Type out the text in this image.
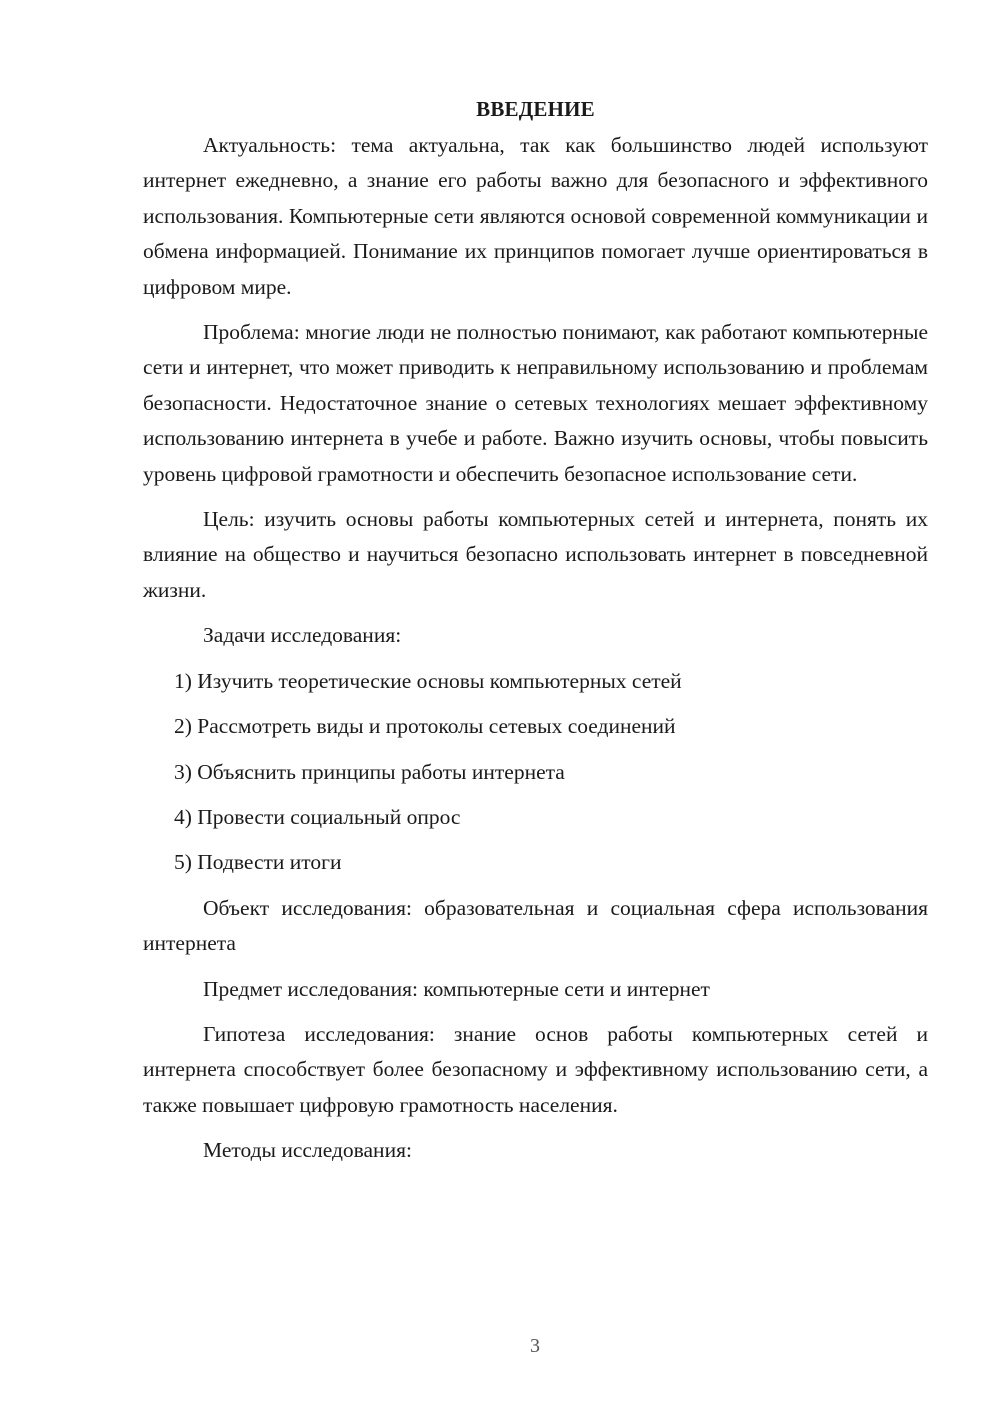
ВВЕДЕНИЕ

Актуальность: тема актуальна, так как большинство людей используют интернет ежедневно, а знание его работы важно для безопасного и эффективного использования. Компьютерные сети являются основой современной коммуникации и обмена информацией. Понимание их принципов помогает лучше ориентироваться в цифровом мире.

Проблема: многие люди не полностью понимают, как работают компьютерные сети и интернет, что может приводить к неправильному использованию и проблемам безопасности. Недостаточное знание о сетевых технологиях мешает эффективному использованию интернета в учебе и работе. Важно изучить основы, чтобы повысить уровень цифровой грамотности и обеспечить безопасное использование сети.

Цель: изучить основы работы компьютерных сетей и интернета, понять их влияние на общество и научиться безопасно использовать интернет в повседневной жизни.

Задачи исследования:

1) Изучить теоретические основы компьютерных сетей
2) Рассмотреть виды и протоколы сетевых соединений
3) Объяснить принципы работы интернета
4) Провести социальный опрос
5) Подвести итоги

Объект исследования: образовательная и социальная сфера использования интернета

Предмет исследования: компьютерные сети и интернет

Гипотеза исследования: знание основ работы компьютерных сетей и интернета способствует более безопасному и эффективному использованию сети, а также повышает цифровую грамотность населения.

Методы исследования:

3
